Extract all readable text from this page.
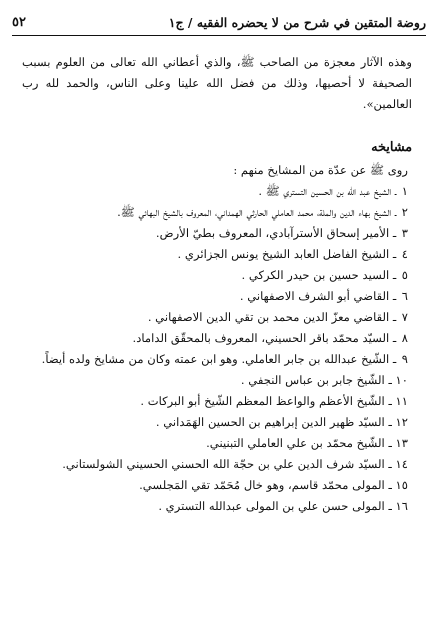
روضة المتقين في شرح من لا يحضره الفقيه / ج١
٥٢

وهذه الآثار معجزة من الصاحب ﷺ، والذي أعطاني الله تعالى من العلوم بسبب الصحيفة لا أحصيها، وذلك من فضل الله علينا وعلى الناس، والحمد لله رب العالمين».

مشايخه

روى ﷺ عن عدّة من المشايخ منهم :

١ ـ الشيخ عبد الله بن الحسين التستري ﷺ .
٢ ـ الشيخ بهاء الدين والملة، محمد العاملي الحارثي الهمداني، المعروف بالشيخ البهائي ﷺ.
٣ ـ الأمير إسحاق الأسترآبادي، المعروف بطيّ الأرض.
٤ ـ الشيخ الفاضل العابد الشيخ يونس الجزائري .
٥ ـ السيد حسين بن حيدر الكركي .
٦ ـ القاضي أبو الشرف الاصفهاني .
٧ ـ القاضي معزّ الدين محمد بن تقي الدين الاصفهاني .
٨ ـ السيّد محمّد باقر الحسيني، المعروف بالمحقّق الداماد.
٩ ـ الشّيخ عبدالله بن جابر العاملي. وهو ابن عمته وكان من مشايخ ولده أيضاً.
١٠ ـ الشّيخ جابر بن عباس النجفي .
١١ ـ الشّيخ الأعظم والواعظ المعظم الشّيخ أبو البركات .
١٢ ـ السيّد ظهير الدين إبراهيم بن الحسين الهَمَداني .
١٣ ـ الشّيخ محمّد بن علي العاملي التبنيني.
١٤ ـ السيّد شرف الدين علي بن حجّة الله الحسني الحسيني الشولستاني.
١٥ ـ المولى محمّد قاسم، وهو خال مُحَمّد تقي المَجلسي.
١٦ ـ المولى حسن علي بن المولى عبدالله التستري .
